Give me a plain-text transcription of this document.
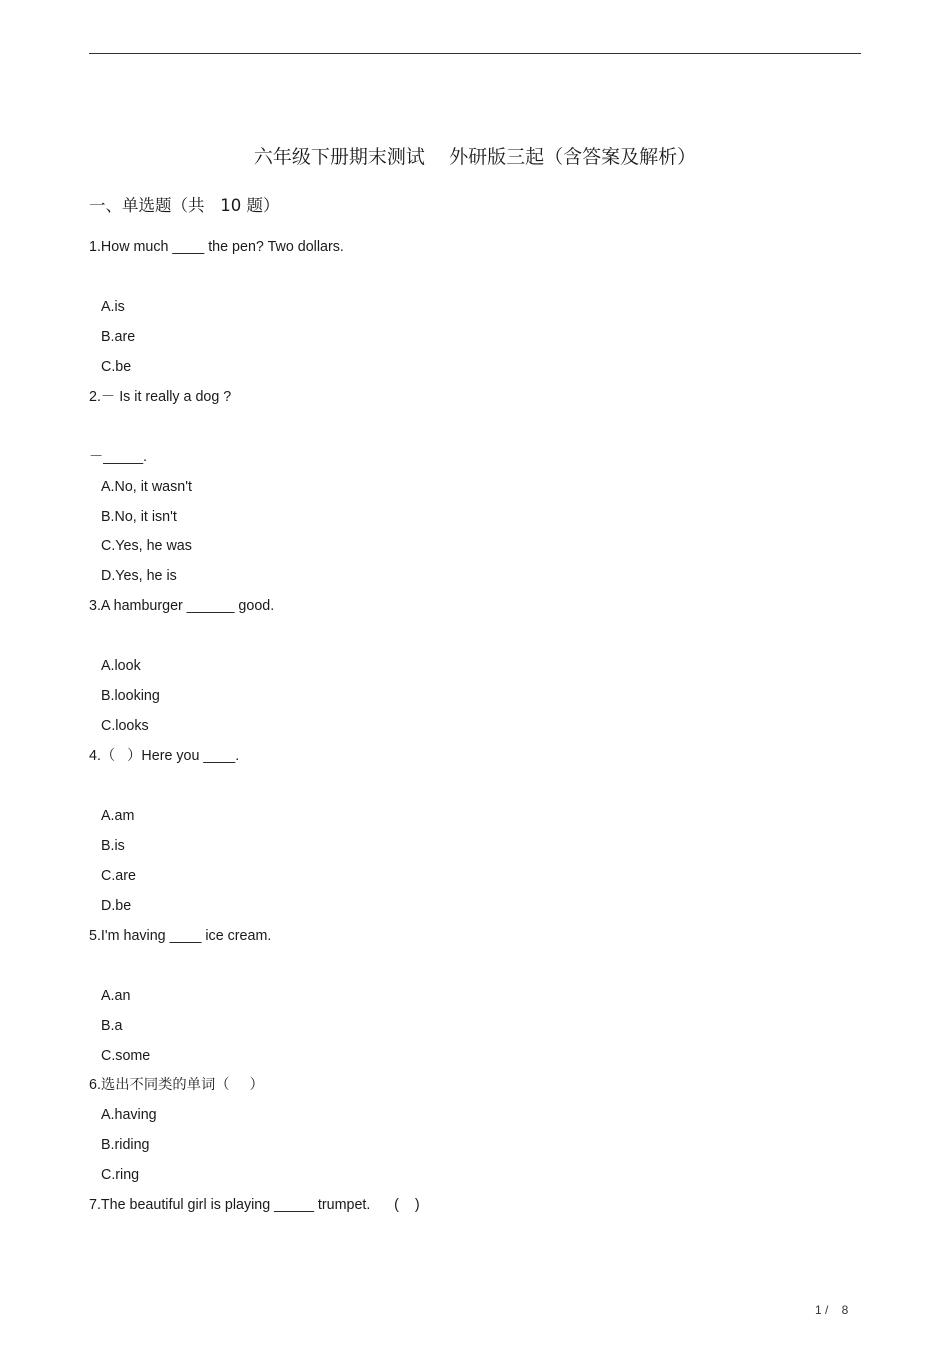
六年级下册期末测试    外研版三起（含答案及解析）
一、单选题（共   10 题）
1.How much ____ the pen? Two dollars.
A.is
B.are
C.be
2.－ Is it really a dog ?
－_____.
A.No, it wasn't
B.No, it isn't
C.Yes, he was
D.Yes, he is
3.A hamburger ______ good.
A.look
B.looking
C.looks
4.（   ）Here you ____.
A.am
B.is
C.are
D.be
5.I'm having ____ ice cream.
A.an
B.a
C.some
6.选出不同类的单词（     ）
A.having
B.riding
C.ring
7.The beautiful girl is playing _____ trumpet.      (    )
1 /    8
